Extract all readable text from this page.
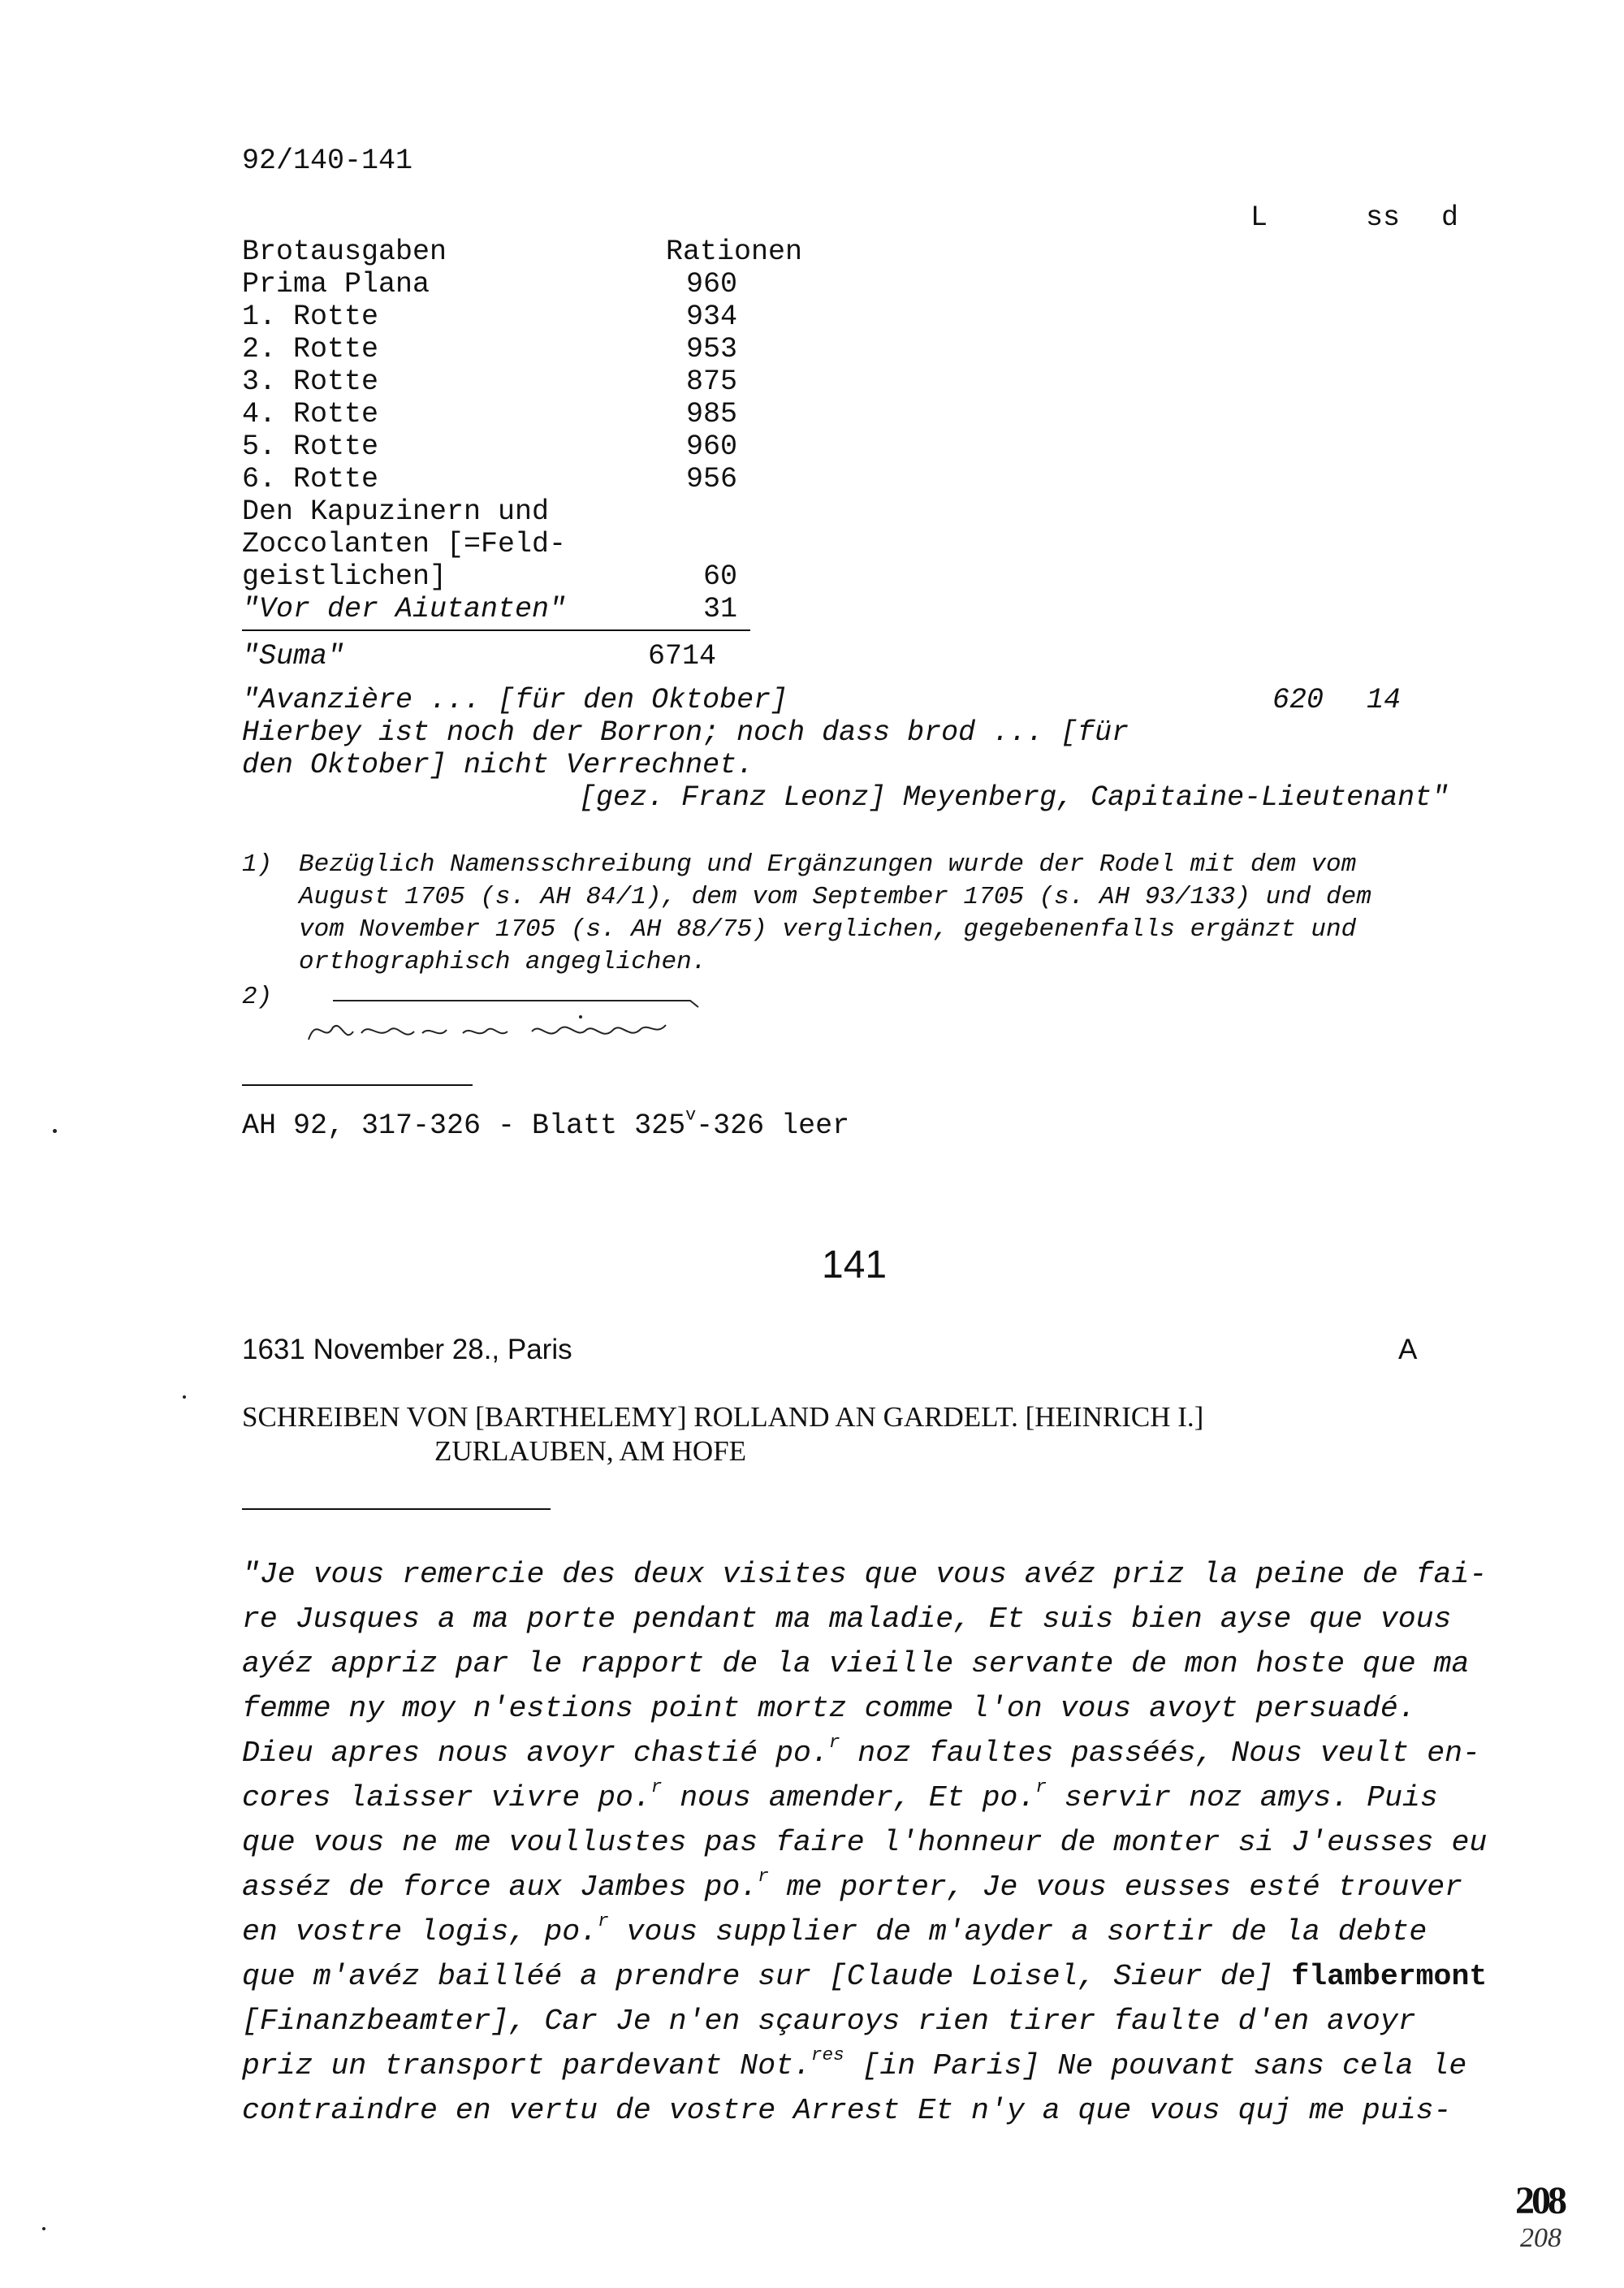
92/140-141
L	ss d
Brotausgaben	Rationen
Prima Plana	960
1. Rotte	934
2. Rotte	953
3. Rotte	875
4. Rotte	985
5. Rotte	960
6. Rotte	956
Den Kapuzinern und
Zoccolanten [=Feld-
geistlichen]	60
"Vor der Aiutanten"	31
"Suma"	6714
"Avanzière ... [für den Oktober]	620 14
Hierbey ist noch der Borron; noch dass brod ... [für
den Oktober] nicht Verrechnet.
[gez. Franz Leonz] Meyenberg, Capitaine-Lieutenant"
1) Bezüglich Namensschreibung und Ergänzungen wurde der Rodel mit dem vom
August 1705 (s. AH 84/1), dem vom September 1705 (s. AH 93/133) und dem
vom November 1705 (s. AH 88/75) verglichen, gegebenenfalls ergänzt und
orthographisch angeglichen.
2)
AH 92, 317-326 - Blatt 325$^v$-326 leer
141
1631 November 28., Paris	A
SCHREIBEN VON [BARTHELEMY] ROLLAND AN GARDELT. [HEINRICH I.]
ZURLAUBEN, AM HOFE
"Je vous remercie des deux visites que vous avéz priz la peine de fai-
re Jusques a ma porte pendant ma maladie, Et suis bien ayse que vous
ayéz appriz par le rapport de la vieille servante de mon hoste que ma
femme ny moy n'estions point mortz comme l'on vous avoyt persuadé.
Dieu apres nous avoyr chastié po.$^r$ noz faultes passéés, Nous veult en-
cores laisser vivre po.$^r$ nous amender, Et po.$^r$ servir noz amys. Puis
que vous ne me voullustes pas faire l'honneur de monter si J'eusses eu
asséz de force aux Jambes po.$^r$ me porter, Je vous eusses esté trouver
en vostre logis, po.$^r$ vous supplier de m'ayder a sortir de la debte
que m'avéz bailléé a prendre sur [Claude Loisel, Sieur de] flambermont
[Finanzbeamter], Car Je n'en sçauroys rien tirer faulte d'en avoyr
priz un transport pardevant Not.$^{res}$ [in Paris] Ne pouvant sans cela le
contraindre en vertu de vostre Arrest Et n'y a que vous quj me puis-
208
208
